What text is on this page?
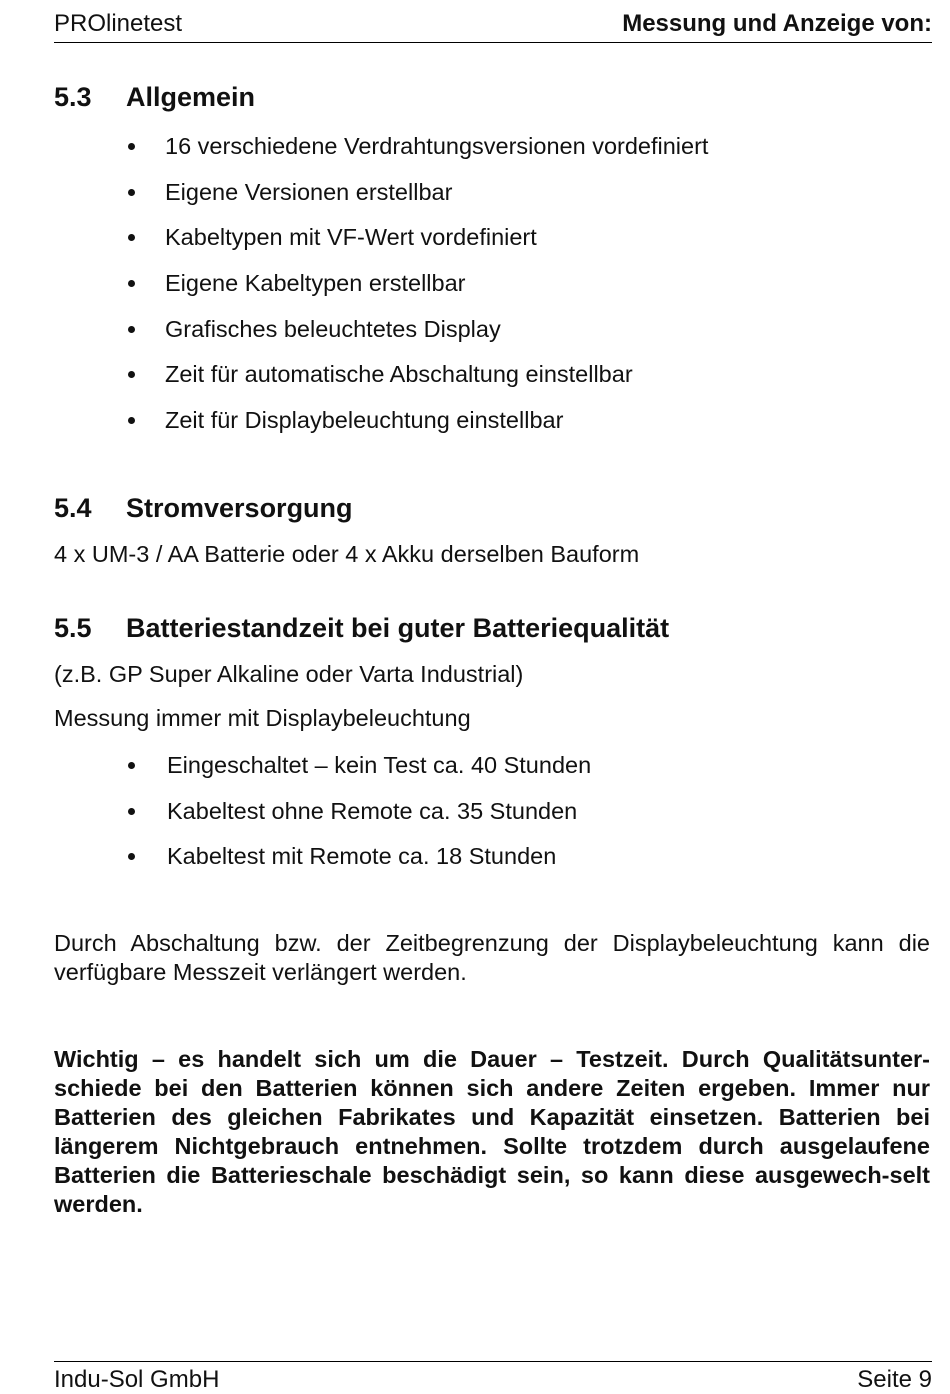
PROlinetest	Messung und Anzeige von:
5.3 Allgemein
16 verschiedene Verdrahtungsversionen vordefiniert
Eigene Versionen erstellbar
Kabeltypen mit VF-Wert vordefiniert
Eigene Kabeltypen erstellbar
Grafisches beleuchtetes Display
Zeit für automatische Abschaltung einstellbar
Zeit für Displaybeleuchtung einstellbar
5.4 Stromversorgung
4 x UM-3 / AA Batterie oder 4 x Akku derselben Bauform
5.5 Batteriestandzeit bei guter Batteriequalität
(z.B. GP Super Alkaline oder Varta Industrial)
Messung immer mit Displaybeleuchtung
Eingeschaltet – kein Test ca. 40 Stunden
Kabeltest ohne Remote ca. 35 Stunden
Kabeltest mit Remote ca. 18 Stunden
Durch Abschaltung bzw. der Zeitbegrenzung der Displaybeleuchtung kann die verfügbare Messzeit verlängert werden.
Wichtig – es handelt sich um die Dauer – Testzeit. Durch Qualitätsunter-schiede bei den Batterien können sich andere Zeiten ergeben. Immer nur Batterien des gleichen Fabrikates und Kapazität einsetzen. Batterien bei längerem Nichtgebrauch entnehmen. Sollte trotzdem durch ausgelaufene Batterien die Batterieschale beschädigt sein, so kann diese ausgewech-selt werden.
Indu-Sol GmbH	Seite 9
